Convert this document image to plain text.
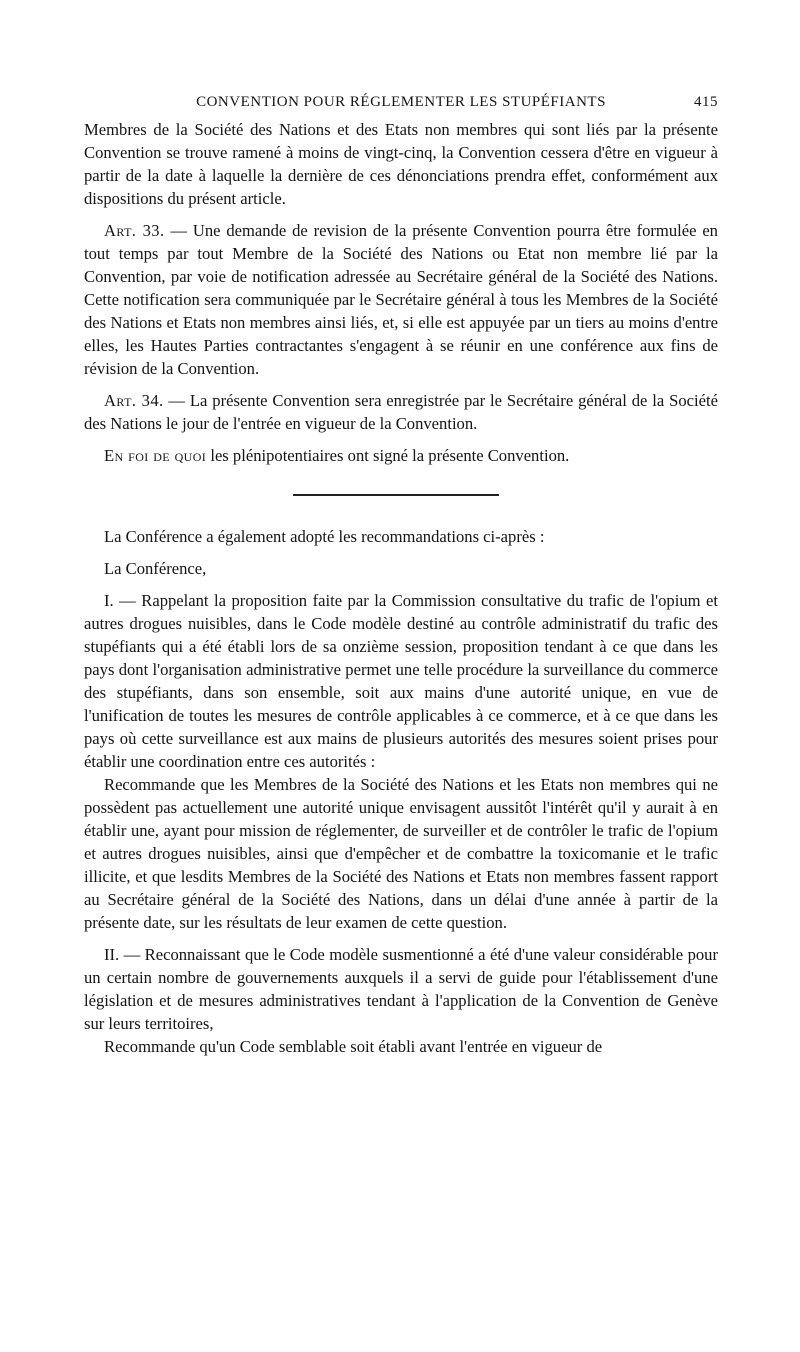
CONVENTION POUR RÉGLEMENTER LES STUPÉFIANTS	415

Membres de la Société des Nations et des Etats non membres qui sont liés par la présente Convention se trouve ramené à moins de vingt-cinq, la Convention cessera d'être en vigueur à partir de la date à laquelle la dernière de ces dénonciations prendra effet, conformément aux dispositions du présent article.

Art. 33. — Une demande de revision de la présente Convention pourra être formulée en tout temps par tout Membre de la Société des Nations ou Etat non membre lié par la Convention, par voie de notification adressée au Secrétaire général de la Société des Nations. Cette notification sera communiquée par le Secrétaire général à tous les Membres de la Société des Nations et Etats non membres ainsi liés, et, si elle est appuyée par un tiers au moins d'entre elles, les Hautes Parties contractantes s'engagent à se réunir en une conférence aux fins de révision de la Convention.

Art. 34. — La présente Convention sera enregistrée par le Secrétaire général de la Société des Nations le jour de l'entrée en vigueur de la Convention.

En foi de quoi les plénipotentiaires ont signé la présente Convention.

La Conférence a également adopté les recommandations ci-après :

La Conférence,

I. — Rappelant la proposition faite par la Commission consultative du trafic de l'opium et autres drogues nuisibles, dans le Code modèle destiné au contrôle administratif du trafic des stupéfiants qui a été établi lors de sa onzième session, proposition tendant à ce que dans les pays dont l'organisation administrative permet une telle procédure la surveillance du commerce des stupéfiants, dans son ensemble, soit aux mains d'une autorité unique, en vue de l'unification de toutes les mesures de contrôle applicables à ce commerce, et à ce que dans les pays où cette surveillance est aux mains de plusieurs autorités des mesures soient prises pour établir une coordination entre ces autorités :

Recommande que les Membres de la Société des Nations et les Etats non membres qui ne possèdent pas actuellement une autorité unique envisagent aussitôt l'intérêt qu'il y aurait à en établir une, ayant pour mission de réglementer, de surveiller et de contrôler le trafic de l'opium et autres drogues nuisibles, ainsi que d'empêcher et de combattre la toxicomanie et le trafic illicite, et que lesdits Membres de la Société des Nations et Etats non membres fassent rapport au Secrétaire général de la Société des Nations, dans un délai d'une année à partir de la présente date, sur les résultats de leur examen de cette question.

II. — Reconnaissant que le Code modèle susmentionné a été d'une valeur considérable pour un certain nombre de gouvernements auxquels il a servi de guide pour l'établissement d'une législation et de mesures administratives tendant à l'application de la Convention de Genève sur leurs territoires,

Recommande qu'un Code semblable soit établi avant l'entrée en vigueur de
